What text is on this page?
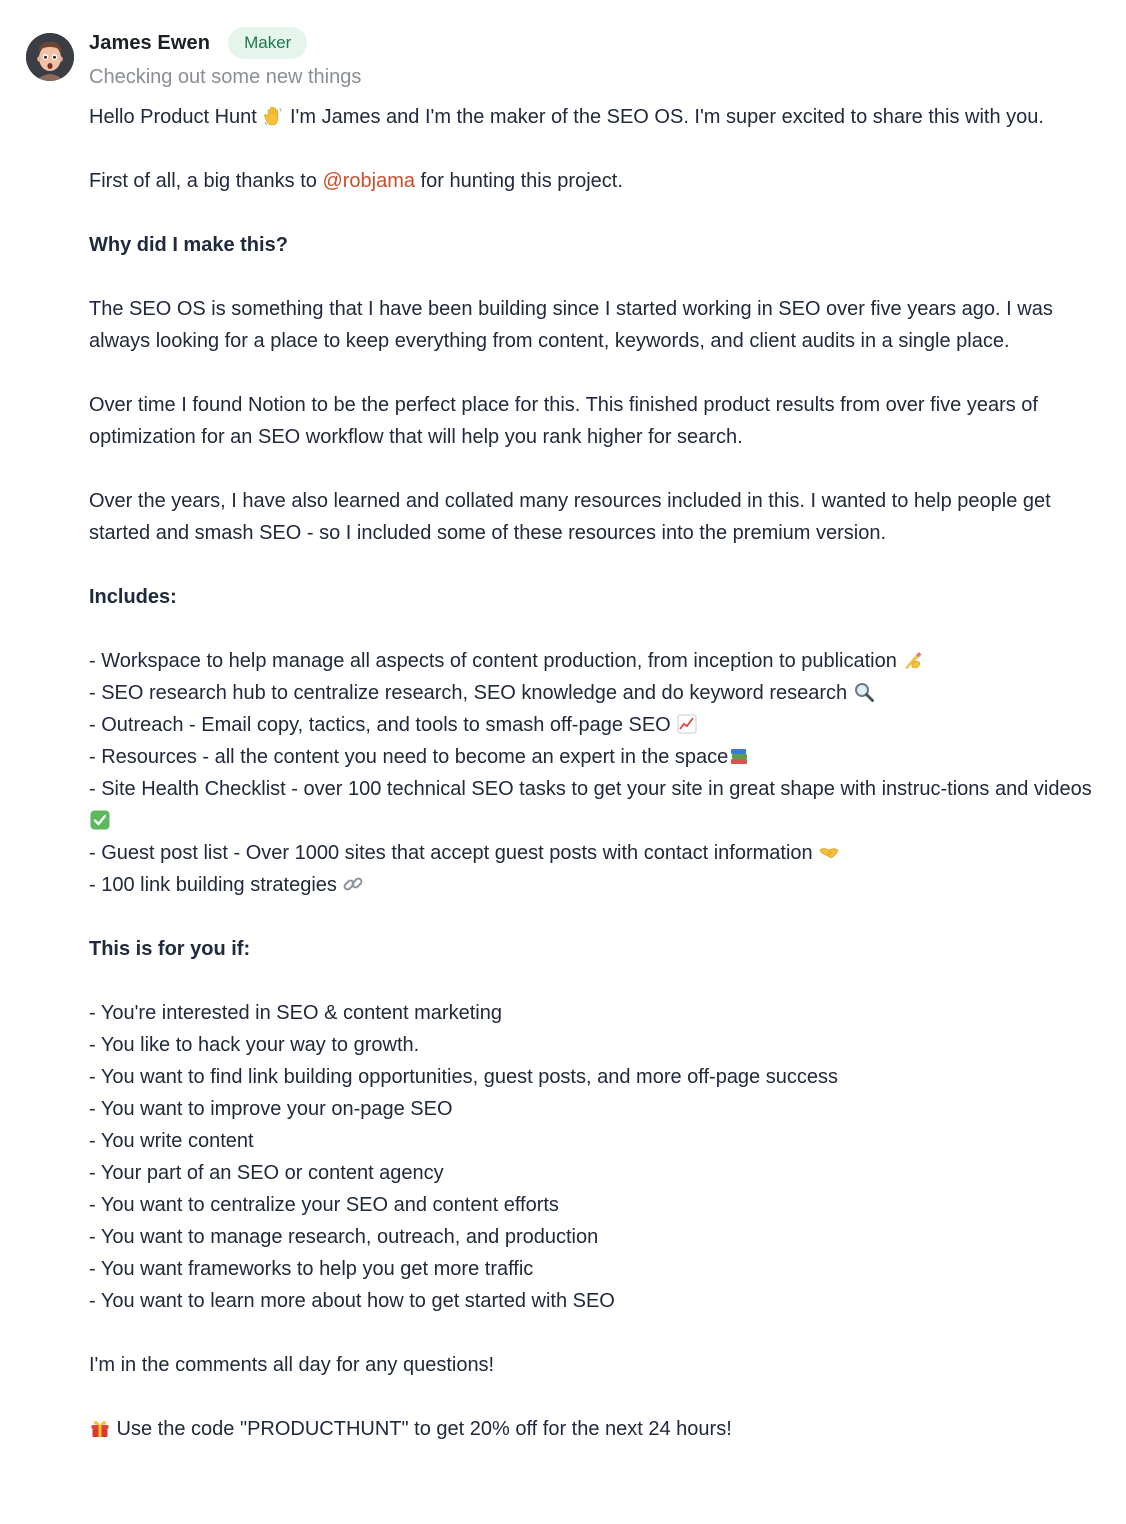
James Ewen	Maker
Checking out some new things

Hello Product Hunt
I'm James and I'm the maker of the SEO OS. I'm super excited to share this with you.

First of all, a big thanks to @robjama for hunting this project.

Why did I make this?

The SEO OS is something that I have been building since I started working in SEO over five years ago. I was always looking for a place to keep everything from content, keywords, and client audits in a single place.

Over time I found Notion to be the perfect place for this. This finished product results from over five years of optimization for an SEO workflow that will help you rank higher for search.

Over the years, I have also learned and collated many resources included in this. I wanted to help people get started and smash SEO - so I included some of these resources into the premium version.

Includes:

- Workspace to help manage all aspects of content production, from inception to publication

- SEO research hub to centralize research, SEO knowledge and do keyword research

- Outreach - Email copy, tactics, and tools to smash off-page SEO

- Resources - all the content you need to become an expert in the space

- Site Health Checklist - over 100 technical SEO tasks to get your site in great shape with instruc-tions and videos

- Guest post list - Over 1000 sites that accept guest posts with contact information

- 100 link building strategies

This is for you if:

- You're interested in SEO & content marketing

- You like to hack your way to growth.

- You want to find link building opportunities, guest posts, and more off-page success

- You want to improve your on-page SEO

- You write content

- Your part of an SEO or content agency

- You want to centralize your SEO and content efforts

- You want to manage research, outreach, and production

- You want frameworks to help you get more traffic

- You want to learn more about how to get started with SEO

I'm in the comments all day for any questions!

Use the code "PRODUCTHUNT" to get 20% off for the next 24 hours!
